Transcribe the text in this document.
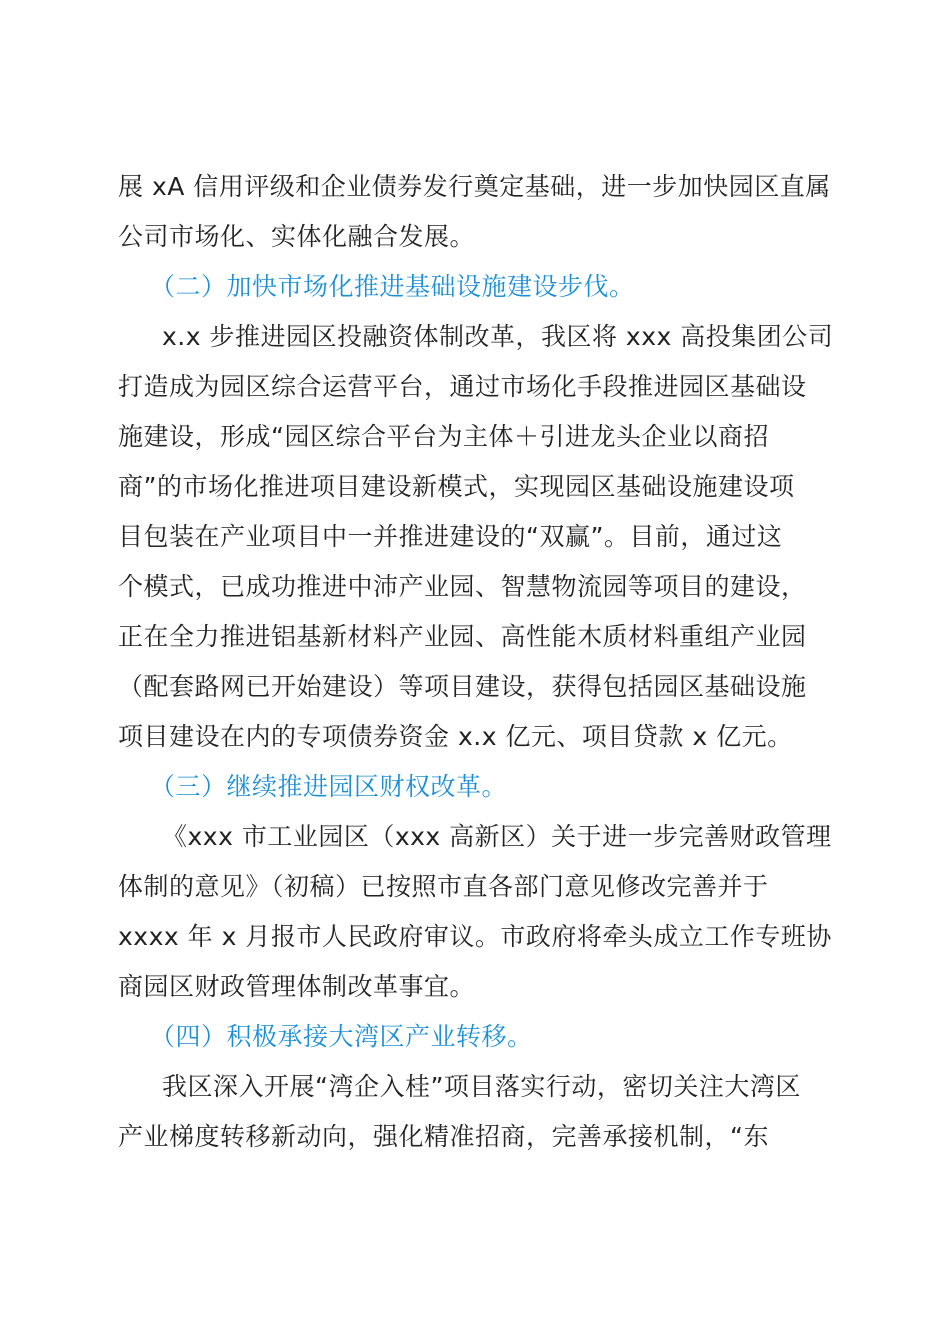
展 xA 信用评级和企业债券发行奠定基础，进一步加快园区直属
公司市场化、实体化融合发展。
（二）加快市场化推进基础设施建设步伐。
x.x 步推进园区投融资体制改革，我区将 xxx 高投集团公司
打造成为园区综合运营平台，通过市场化手段推进园区基础设
施建设，形成“园区综合平台为主体＋引进龙头企业以商招
商”的市场化推进项目建设新模式，实现园区基础设施建设项
目包装在产业项目中一并推进建设的“双赢”。目前，通过这
个模式，已成功推进中沛产业园、智慧物流园等项目的建设，
正在全力推进铝基新材料产业园、高性能木质材料重组产业园
（配套路网已开始建设）等项目建设，获得包括园区基础设施
项目建设在内的专项债券资金 x.x 亿元、项目贷款 x 亿元。
（三）继续推进园区财权改革。
《xxx 市工业园区（xxx 高新区）关于进一步完善财政管理
体制的意见》（初稿）已按照市直各部门意见修改完善并于
xxxx 年 x 月报市人民政府审议。市政府将牵头成立工作专班协
商园区财政管理体制改革事宜。
（四）积极承接大湾区产业转移。
我区深入开展“湾企入桂”项目落实行动，密切关注大湾区
产业梯度转移新动向，强化精准招商，完善承接机制，“东
